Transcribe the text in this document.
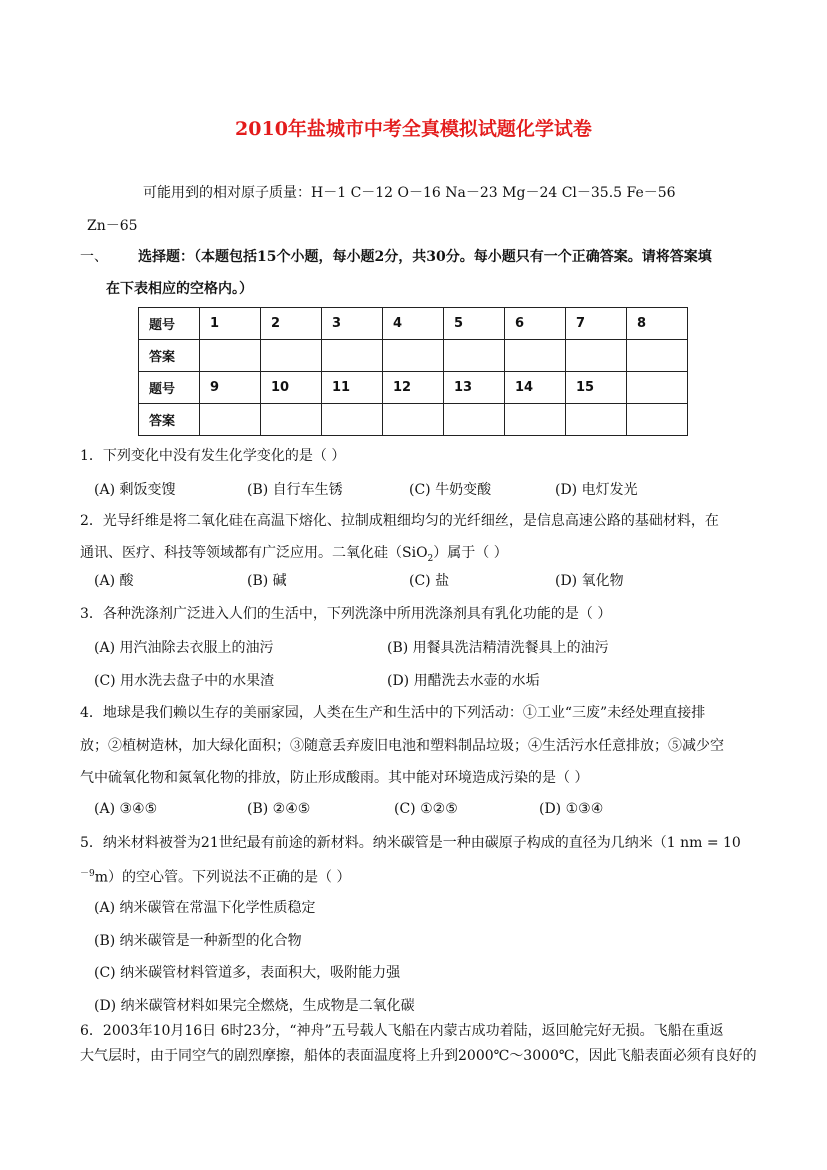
2010年盐城市中考全真模拟试题化学试卷
可能用到的相对原子质量：H－1 C－12 O－16 Na－23 Mg－24 Cl－35.5 Fe－56
Zn－65
一、 选择题：（本题包括15个小题，每小题2分，共30分。每小题只有一个正确答案。请将答案填
在下表相应的空格内。）
题号	1	2	3	4	5	6	7	8
答案								
题号	9	10	11	12	13	14	15	
答案								
1．下列变化中没有发生化学变化的是（ ）
(A) 剩饭变馊	(B) 自行车生锈	(C) 牛奶变酸	(D) 电灯发光
2．光导纤维是将二氧化硅在高温下熔化、拉制成粗细均匀的光纤细丝，是信息高速公路的基础材料，在
通讯、医疗、科技等领域都有广泛应用。二氧化硅（SiO$_2$）属于（ ）
(A) 酸	(B) 碱	(C) 盐	(D) 氧化物
3．各种洗涤剂广泛进入人们的生活中，下列洗涤中所用洗涤剂具有乳化功能的是（ ）
(A) 用汽油除去衣服上的油污	(B) 用餐具洗洁精清洗餐具上的油污
(C) 用水洗去盘子中的水果渣	(D) 用醋洗去水壶的水垢
4．地球是我们赖以生存的美丽家园，人类在生产和生活中的下列活动：①工业“三废”未经处理直接排
放；②植树造林，加大绿化面积；③随意丢弃废旧电池和塑料制品垃圾；④生活污水任意排放；⑤减少空
气中硫氧化物和氮氧化物的排放，防止形成酸雨。其中能对环境造成污染的是（ ）
(A) ③④⑤	(B) ②④⑤	(C) ①②⑤	(D) ①③④
5．纳米材料被誉为21世纪最有前途的新材料。纳米碳管是一种由碳原子构成的直径为几纳米（1 nm = 10
$^{-9}$m）的空心管。下列说法不正确的是（ ）
(A) 纳米碳管在常温下化学性质稳定
(B) 纳米碳管是一种新型的化合物
(C) 纳米碳管材料管道多，表面积大，吸附能力强
(D) 纳米碳管材料如果完全燃烧，生成物是二氧化碳
6．2003年10月16日 6时23分，“神舟”五号载人飞船在内蒙古成功着陆，返回舱完好无损。飞船在重返
大气层时，由于同空气的剧烈摩擦，船体的表面温度将上升到2000℃～3000℃，因此飞船表面必须有良好的
